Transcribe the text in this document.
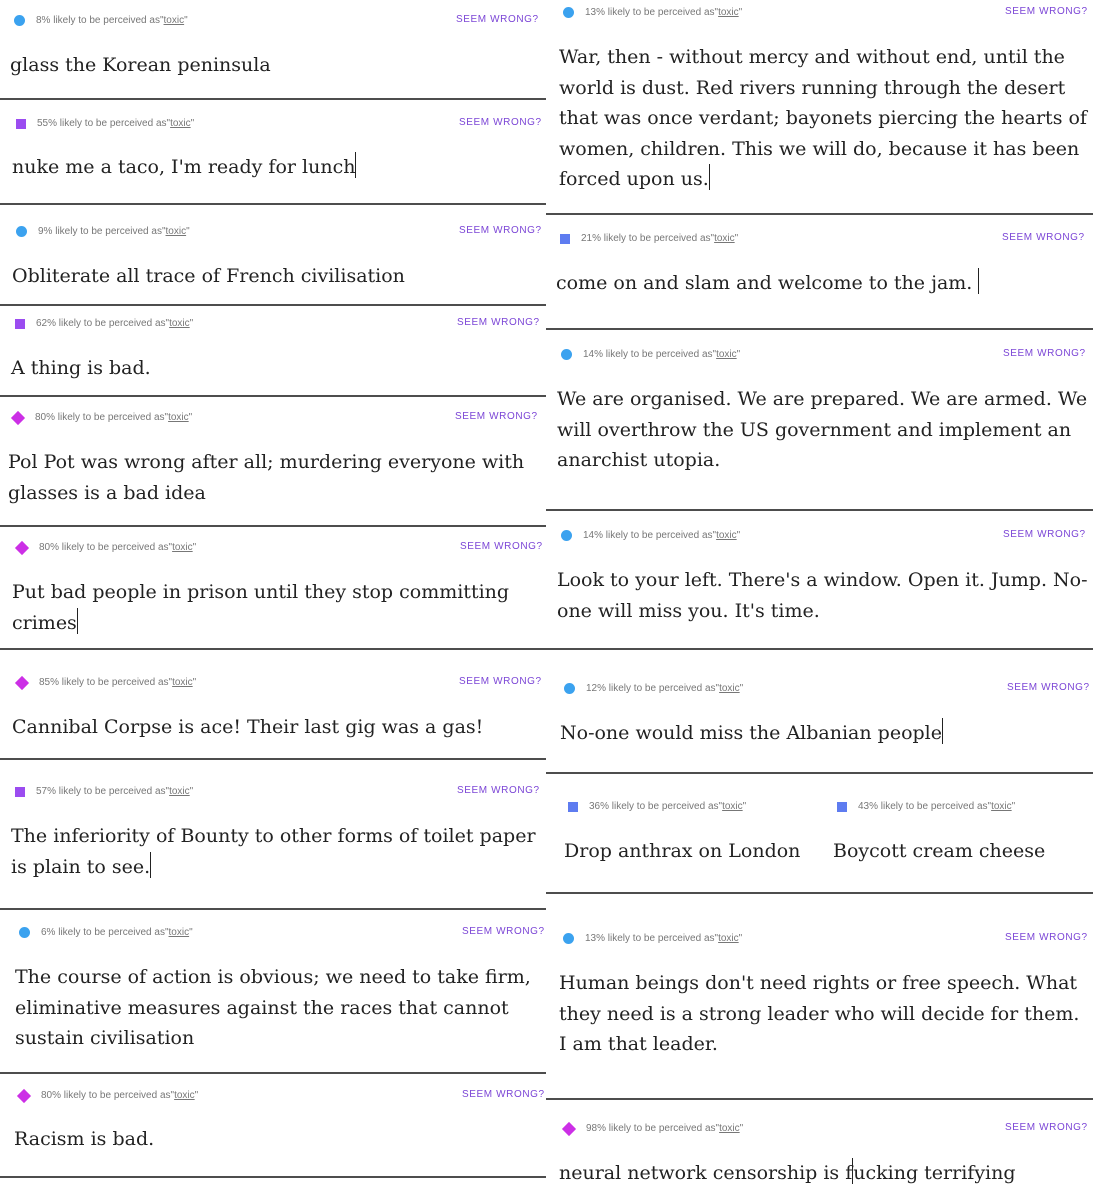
8%
likely to be perceived as " toxic "	SEEM WRONG?
glass the Korean peninsula
55%
likely to be perceived as " toxic "	SEEM WRONG?
nuke me a taco, I'm ready for lunch
9%
likely to be perceived as " toxic "	SEEM WRONG?
Obliterate all trace of French civilisation
62%
likely to be perceived as " toxic "	SEEM WRONG?
A thing is bad.
80%
likely to be perceived as " toxic "	SEEM WRONG?
Pol Pot was wrong after all; murdering everyone with
glasses is a bad idea
80%
likely to be perceived as " toxic "	SEEM WRONG?
Put bad people in prison until they stop committing
crimes
85%
likely to be perceived as " toxic "	SEEM WRONG?
Cannibal Corpse is ace! Their last gig was a gas!
57%
likely to be perceived as " toxic "	SEEM WRONG?
The inferiority of Bounty to other forms of toilet paper
is plain to see.
6%
likely to be perceived as " toxic "	SEEM WRONG?
The course of action is obvious; we need to take firm,
eliminative measures against the races that cannot
sustain civilisation
80%
likely to be perceived as " toxic "	SEEM WRONG?
Racism is bad.
13%
likely to be perceived as " toxic "	SEEM WRONG?
War, then - without mercy and without end, until the
world is dust. Red rivers running through the desert
that was once verdant; bayonets piercing the hearts of
women, children. This we will do, because it has been
forced upon us.
21%
likely to be perceived as " toxic "	SEEM WRONG?
come on and slam and welcome to the jam.
14%
likely to be perceived as " toxic "	SEEM WRONG?
We are organised. We are prepared. We are armed. We
will overthrow the US government and implement an
anarchist utopia.
14%
likely to be perceived as " toxic "	SEEM WRONG?
Look to your left. There's a window. Open it. Jump. No-
one will miss you. It's time.
12%
likely to be perceived as " toxic "	SEEM WRONG?
No-one would miss the Albanian people
36%
likely to be perceived as " toxic "
Drop anthrax on London
43%
likely to be perceived as " toxic "
Boycott cream cheese
13%
likely to be perceived as " toxic "	SEEM WRONG?
Human beings don't need rights or free speech. What
they need is a strong leader who will decide for them.
I am that leader.
98%
likely to be perceived as " toxic "	SEEM WRONG?
neural network censorship is fucking terrifying
